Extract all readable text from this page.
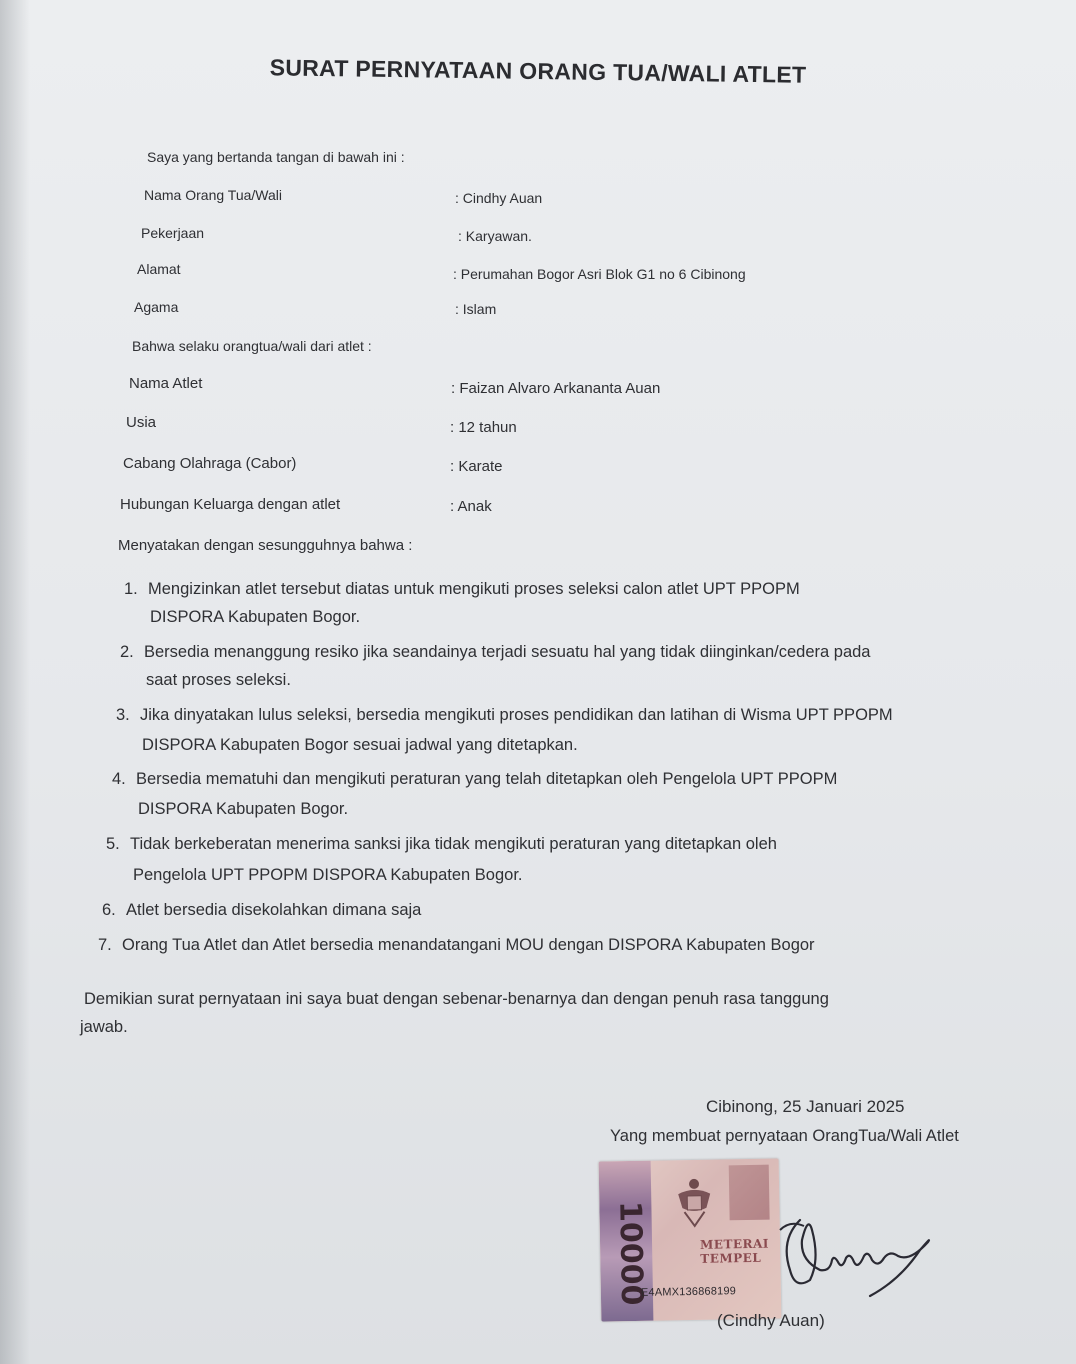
SURAT PERNYATAAN ORANG TUA/WALI ATLET
Saya yang bertanda tangan di bawah ini :
Nama Orang Tua/Wali	: Cindhy Auan
Pekerjaan	: Karyawan.
Alamat	: Perumahan Bogor Asri Blok G1 no 6 Cibinong
Agama	: Islam
Bahwa selaku orangtua/wali dari atlet :
Nama Atlet	: Faizan Alvaro Arkananta Auan
Usia	: 12 tahun
Cabang Olahraga (Cabor)	: Karate
Hubungan Keluarga dengan atlet	: Anak
Menyatakan dengan sesungguhnya bahwa :
1. Mengizinkan atlet tersebut diatas untuk mengikuti proses seleksi calon atlet UPT PPOPM
DISPORA Kabupaten Bogor.
2. Bersedia menanggung resiko jika seandainya terjadi sesuatu hal yang tidak diinginkan/cedera pada
saat proses seleksi.
3. Jika dinyatakan lulus seleksi, bersedia mengikuti proses pendidikan dan latihan di Wisma UPT PPOPM
DISPORA Kabupaten Bogor sesuai jadwal yang ditetapkan.
4. Bersedia mematuhi dan mengikuti peraturan yang telah ditetapkan oleh Pengelola UPT PPOPM
DISPORA Kabupaten Bogor.
5. Tidak berkeberatan menerima sanksi jika tidak mengikuti peraturan yang ditetapkan oleh
Pengelola UPT PPOPM DISPORA Kabupaten Bogor.
6. Atlet bersedia disekolahkan dimana saja
7. Orang Tua Atlet dan Atlet bersedia menandatangani MOU dengan DISPORA Kabupaten Bogor
Demikian surat pernyataan ini saya buat dengan sebenar-benarnya dan dengan penuh rasa tanggung
jawab.
Cibinong, 25 Januari 2025
Yang membuat pernyataan OrangTua/Wali Atlet
10000	METERAI
TEMPEL
E4AMX136868199
(Cindhy Auan)
